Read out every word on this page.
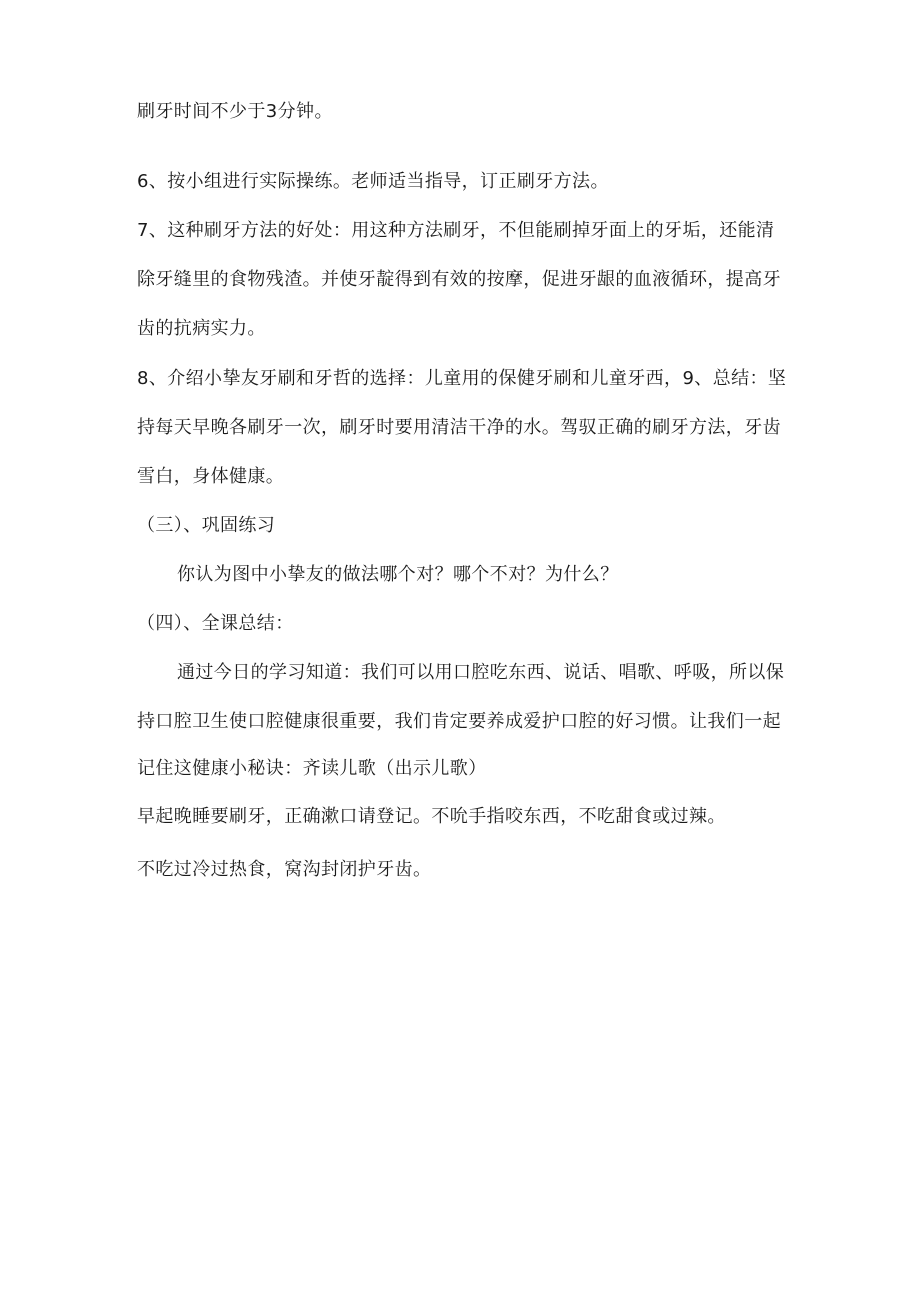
刷牙时间不少于3分钟。
6、按小组进行实际操练。老师适当指导，订正刷牙方法。
7、这种刷牙方法的好处：用这种方法刷牙，不但能刷掉牙面上的牙垢，还能清
除牙缝里的食物残渣。并使牙靛得到有效的按摩，促进牙龈的血液循环，提高牙
齿的抗病实力。
8、介绍小挚友牙刷和牙哲的选择：儿童用的保健牙刷和儿童牙西，9、总结：坚
持每天早晚各刷牙一次，刷牙时要用清洁干净的水。驾驭正确的刷牙方法，牙齿
雪白，身体健康。
（三）、巩固练习
你认为图中小挚友的做法哪个对？哪个不对？为什么？
（四）、全课总结：
通过今日的学习知道：我们可以用口腔吃东西、说话、唱歌、呼吸，所以保
持口腔卫生使口腔健康很重要，我们肯定要养成爱护口腔的好习惯。让我们一起
记住这健康小秘诀：齐读儿歌（出示儿歌）
早起晚睡要刷牙，正确漱口请登记。不吮手指咬东西，不吃甜食或过辣。
不吃过冷过热食，窝沟封闭护牙齿。
